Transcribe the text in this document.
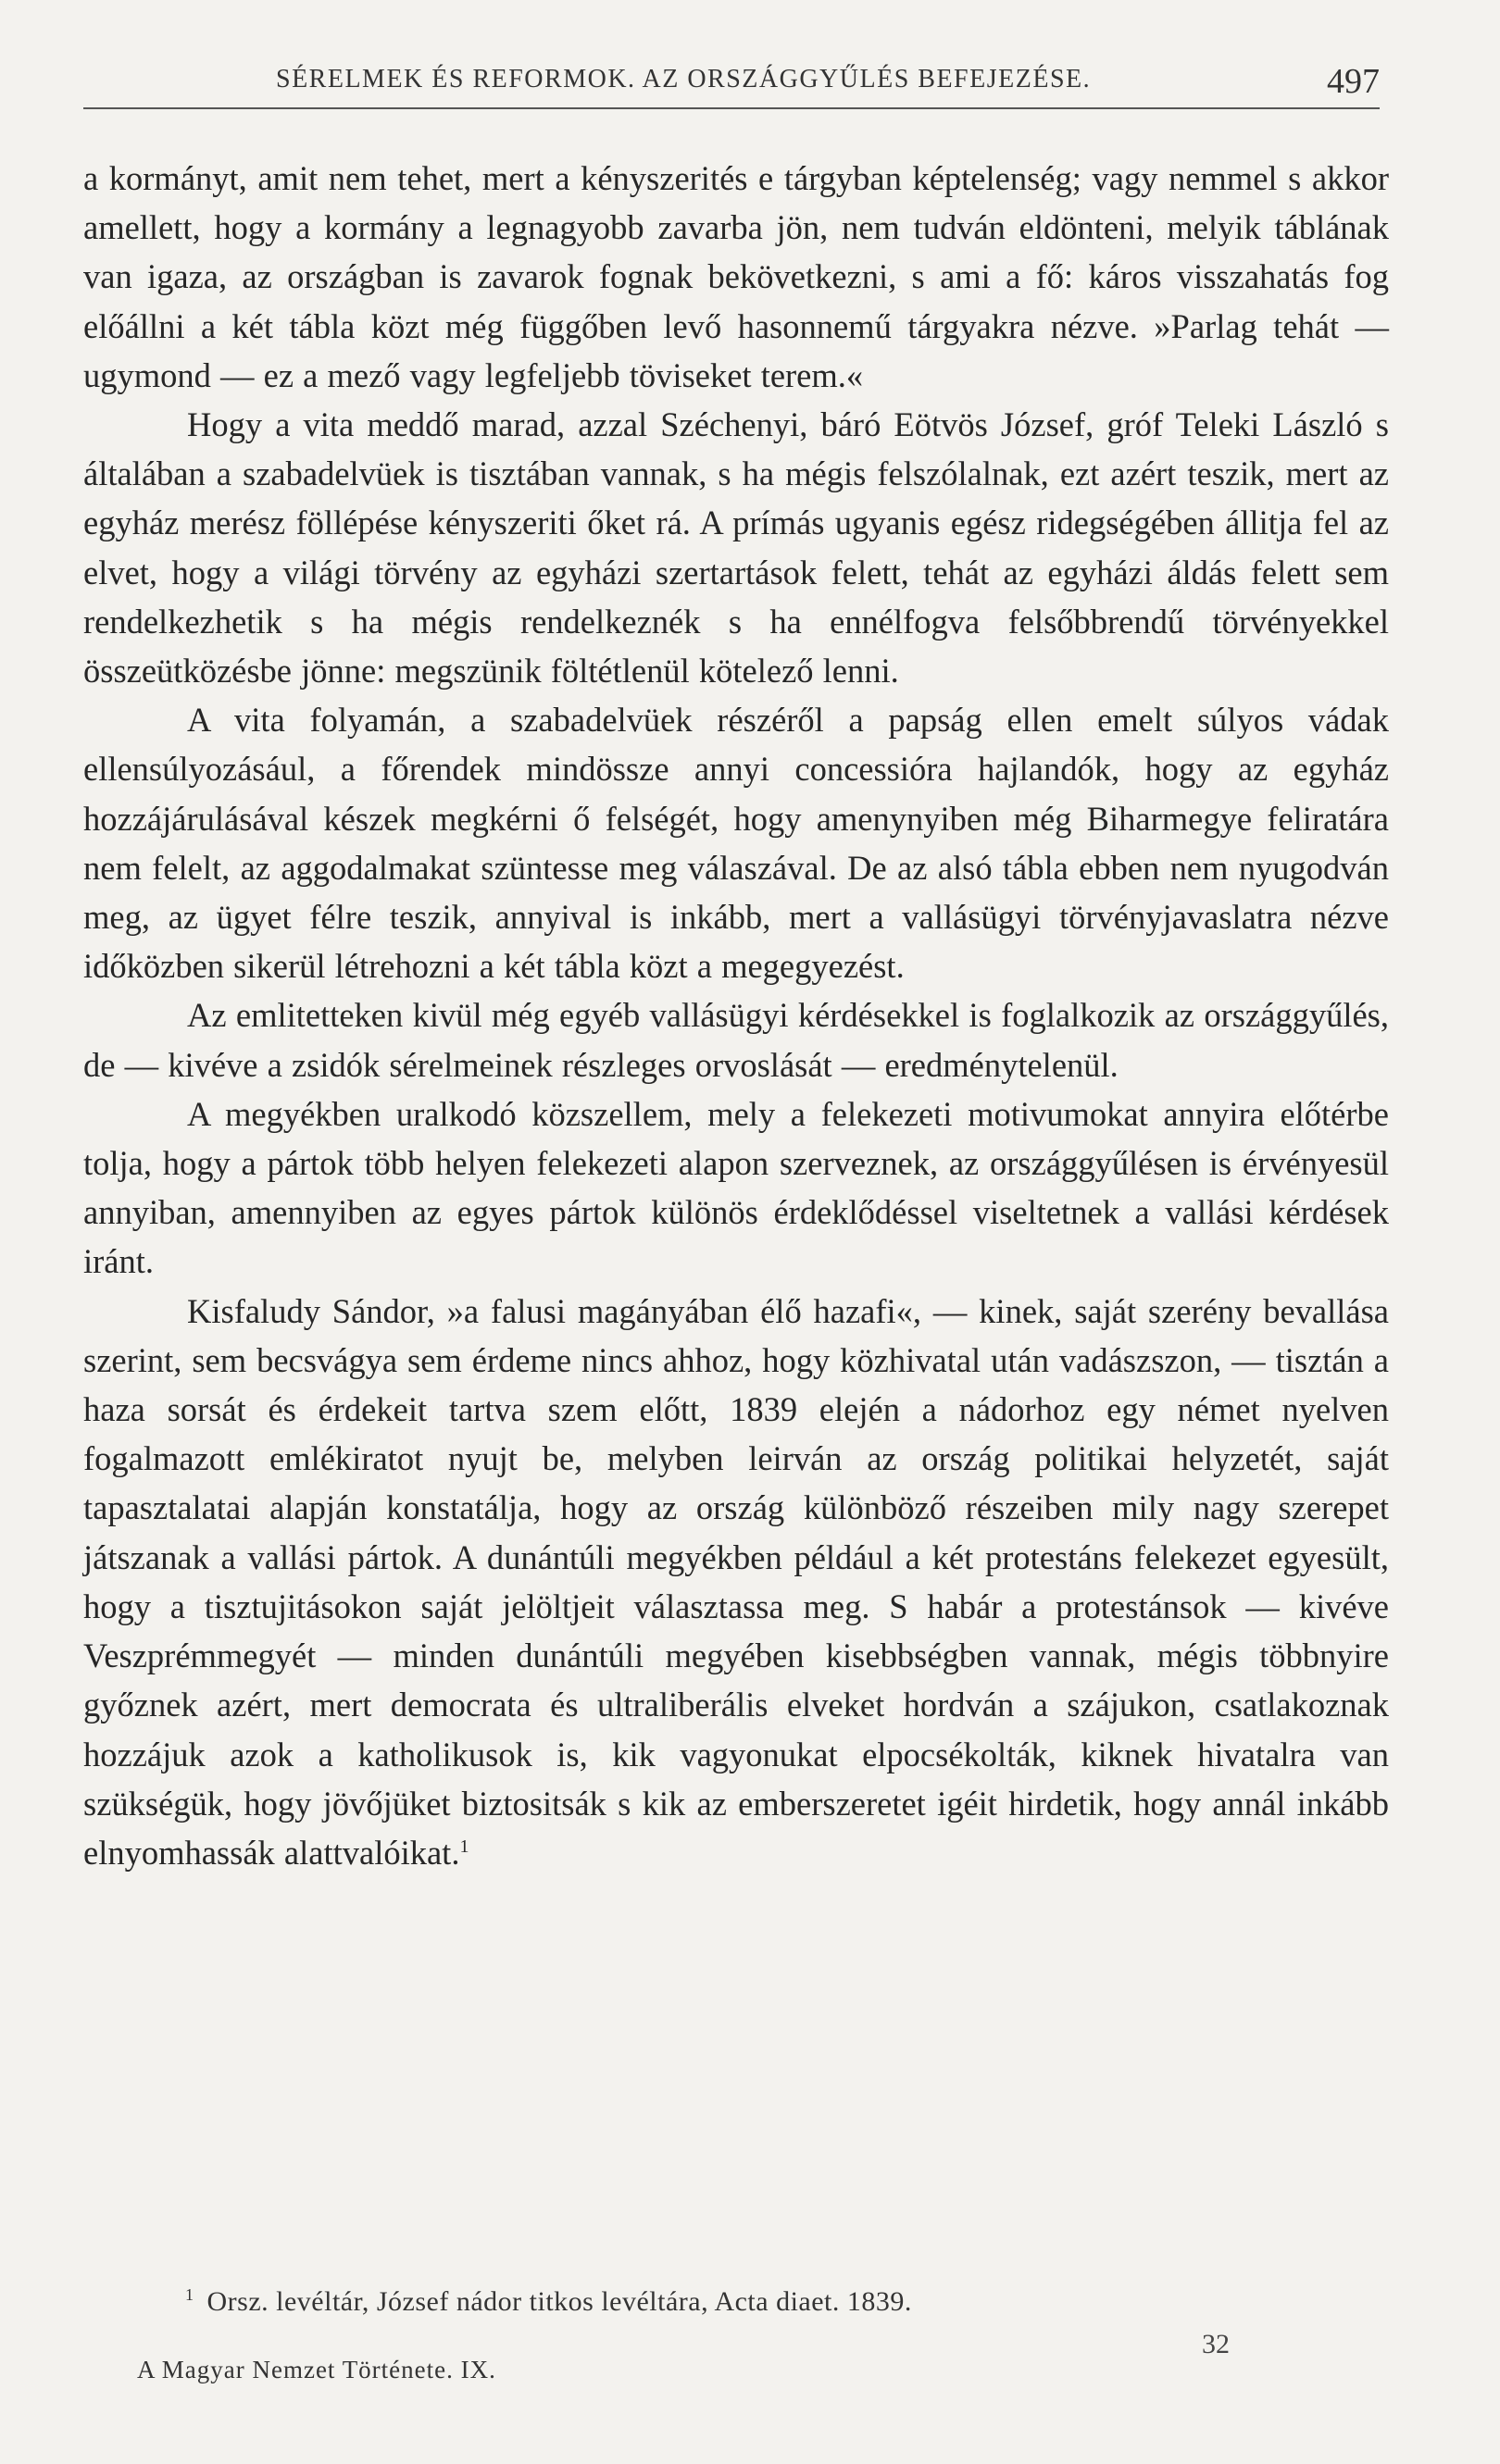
SÉRELMEK ÉS REFORMOK. AZ ORSZÁGGYŰLÉS BEFEJEZÉSE.	497

a kormányt, amit nem tehet, mert a kényszerités e tárgyban képtelenség; vagy nemmel s akkor amellett, hogy a kormány a legnagyobb zavarba jön, nem tudván eldönteni, melyik táblának van igaza, az országban is zavarok fognak bekövetkezni, s ami a fő: káros visszahatás fog előállni a két tábla közt még függőben levő hasonnemű tárgyakra nézve. »Parlag tehát — ugymond — ez a mező vagy legfeljebb töviseket terem.«

Hogy a vita meddő marad, azzal Széchenyi, báró Eötvös József, gróf Teleki László s általában a szabadelvüek is tisztában vannak, s ha mégis felszólalnak, ezt azért teszik, mert az egyház merész föllépése kényszeriti őket rá. A prímás ugyanis egész ridegségében állitja fel az elvet, hogy a világi törvény az egyházi szertartások felett, tehát az egyházi áldás felett sem rendelkezhetik s ha mégis rendelkeznék s ha ennélfogva felsőbbrendű törvényekkel összeütközésbe jönne: megszünik föltétlenül kötelező lenni.

A vita folyamán, a szabadelvüek részéről a papság ellen emelt súlyos vádak ellensúlyozásául, a főrendek mindössze annyi concessióra hajlandók, hogy az egyház hozzájárulásával készek megkérni ő felségét, hogy amenynyiben még Biharmegye feliratára nem felelt, az aggodalmakat szüntesse meg válaszával. De az alsó tábla ebben nem nyugodván meg, az ügyet félre teszik, annyival is inkább, mert a vallásügyi törvényjavaslatra nézve időközben sikerül létrehozni a két tábla közt a megegyezést.

Az emlitetteken kivül még egyéb vallásügyi kérdésekkel is foglalkozik az országgyűlés, de — kivéve a zsidók sérelmeinek részleges orvoslását — eredménytelenül.

A megyékben uralkodó közszellem, mely a felekezeti motivumokat annyira előtérbe tolja, hogy a pártok több helyen felekezeti alapon szerveznek, az országgyűlésen is érvényesül annyiban, amennyiben az egyes pártok különös érdeklődéssel viseltetnek a vallási kérdések iránt.

Kisfaludy Sándor, »a falusi magányában élő hazafi«, — kinek, saját szerény bevallása szerint, sem becsvágya sem érdeme nincs ahhoz, hogy közhivatal után vadászszon, — tisztán a haza sorsát és érdekeit tartva szem előtt, 1839 elején a nádorhoz egy német nyelven fogalmazott emlékiratot nyujt be, melyben leirván az ország politikai helyzetét, saját tapasztalatai alapján konstatálja, hogy az ország különböző részeiben mily nagy szerepet játszanak a vallási pártok. A dunántúli megyékben például a két protestáns felekezet egyesült, hogy a tisztujitásokon saját jelöltjeit választassa meg. S habár a protestánsok — kivéve Veszprémmegyét — minden dunántúli megyében kisebbségben vannak, mégis többnyire győznek azért, mert democrata és ultraliberális elveket hordván a szájukon, csatlakoznak hozzájuk azok a katholikusok is, kik vagyonukat elpocsékolták, kiknek hivatalra van szükségük, hogy jövőjüket biztositsák s kik az emberszeretet igéit hirdetik, hogy annál inkább elnyomhassák alattvalóikat.$^1$

$^1$ Orsz. levéltár, József nádor titkos levéltára, Acta diaet. 1839.
A Magyar Nemzet Története. IX.
32
